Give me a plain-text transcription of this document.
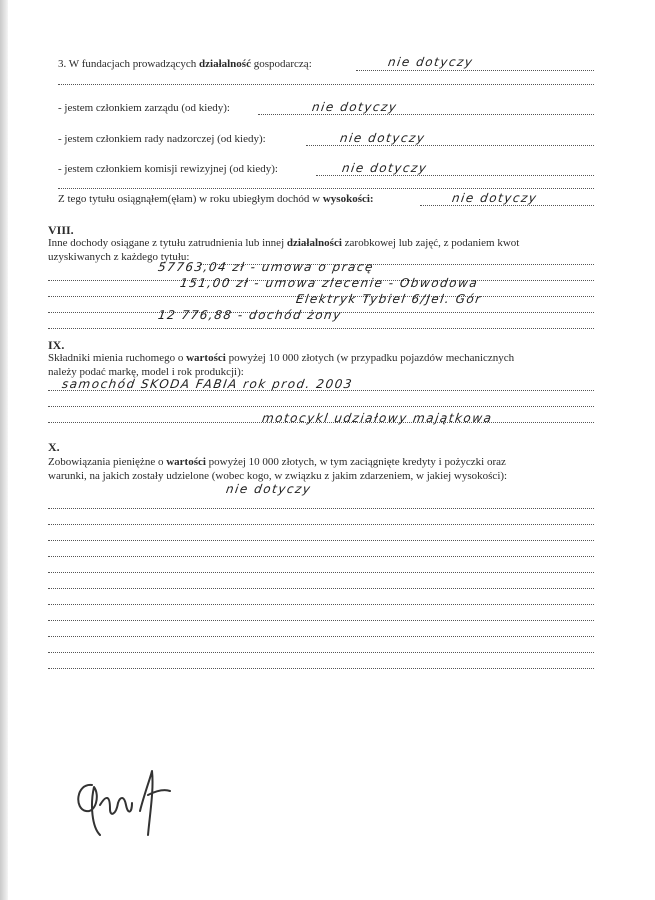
3. W fundacjach prowadzących działalność gospodarczą:	nie dotyczy
- jestem członkiem zarządu (od kiedy):	nie dotyczy
- jestem członkiem rady nadzorczej (od kiedy):	nie dotyczy
- jestem członkiem komisji rewizyjnej (od kiedy):	nie dotyczy
Z tego tytułu osiągnąłem(ęłam) w roku ubiegłym dochód w wysokości:	nie dotyczy
VIII.
Inne dochody osiągane z tytułu zatrudnienia lub innej działalności zarobkowej lub zajęć, z podaniem kwot
uzyskiwanych z każdego tytułu:
57763,04 zł - umowa o pracę
151,00 zł - umowa zlecenie - Obwodowa
Elektryk Tybiel 6/Jel. Gór
12 776,88 - dochód żony
IX.
Składniki mienia ruchomego o wartości powyżej 10 000 złotych (w przypadku pojazdów mechanicznych
należy podać markę, model i rok produkcji):
samochód SKODA FABIA rok prod. 2003
motocykl udziałowy majątkowa
X.
Zobowiązania pieniężne o wartości powyżej 10 000 złotych, w tym zaciągnięte kredyty i pożyczki oraz
warunki, na jakich zostały udzielone (wobec kogo, w związku z jakim zdarzeniem, w jakiej wysokości):
nie dotyczy
